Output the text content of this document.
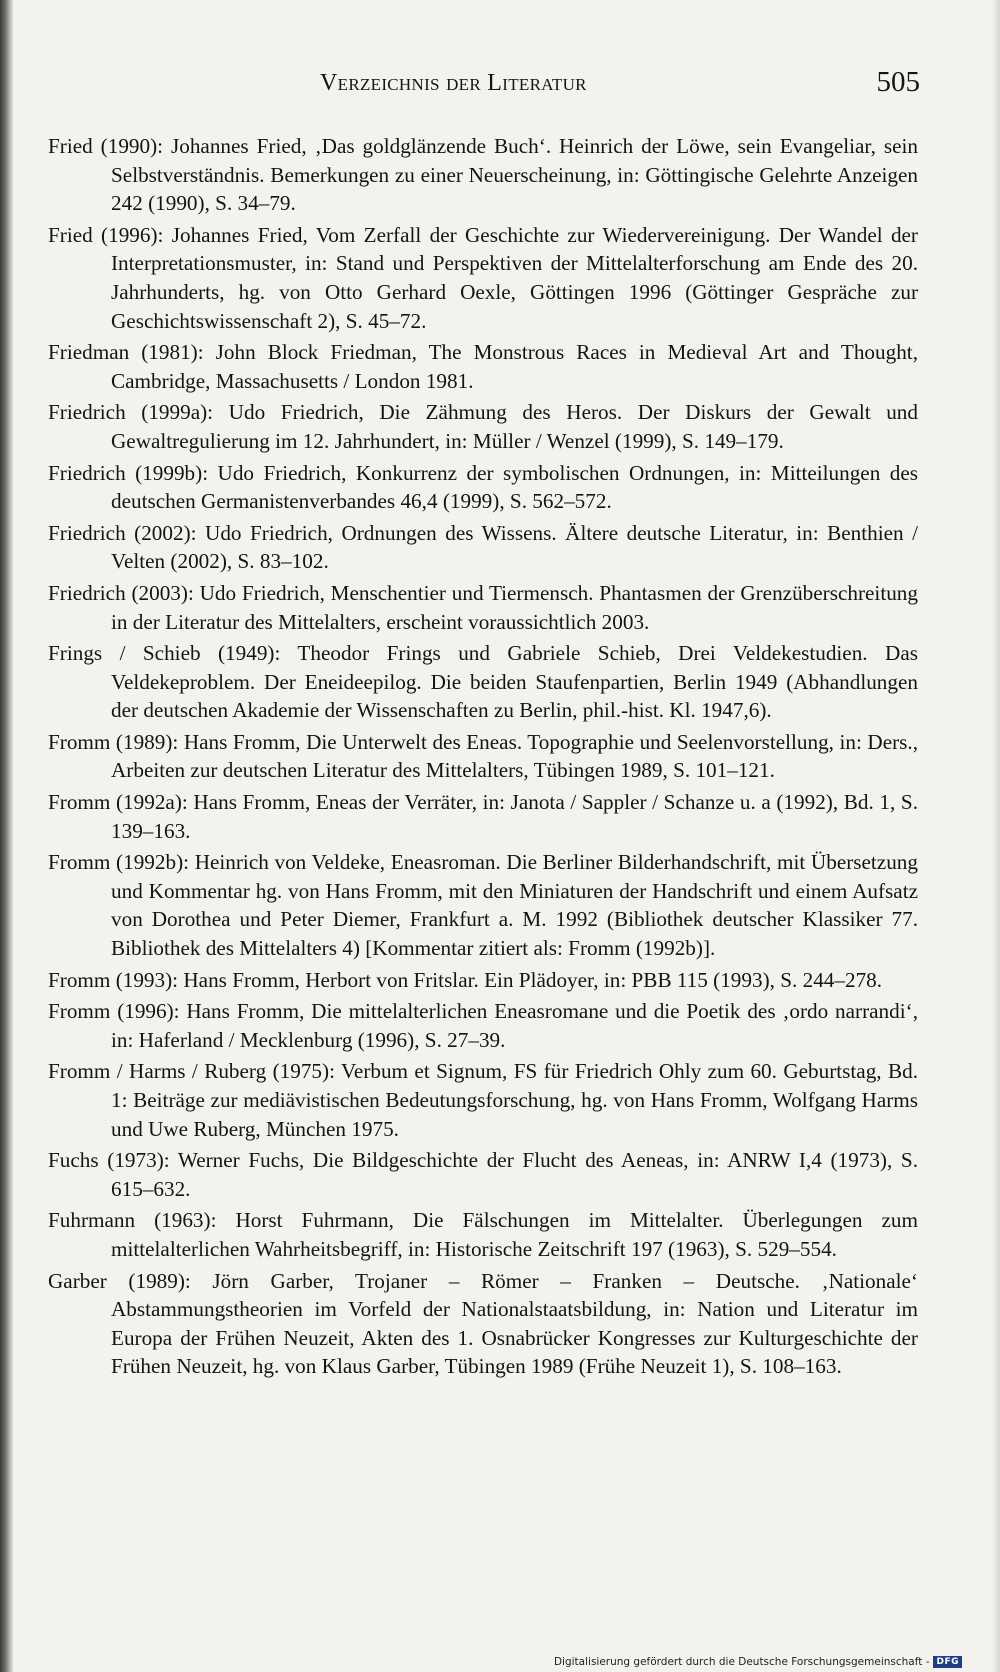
Verzeichnis der Literatur	505
Fried (1990): Johannes Fried, ‚Das goldglänzende Buch‘. Heinrich der Löwe, sein Evangeliar, sein Selbstverständnis. Bemerkungen zu einer Neuerscheinung, in: Göttingische Gelehrte Anzeigen 242 (1990), S. 34–79.
Fried (1996): Johannes Fried, Vom Zerfall der Geschichte zur Wiedervereinigung. Der Wandel der Interpretationsmuster, in: Stand und Perspektiven der Mittelalterforschung am Ende des 20. Jahrhunderts, hg. von Otto Gerhard Oexle, Göttingen 1996 (Göttinger Gespräche zur Geschichtswissenschaft 2), S. 45–72.
Friedman (1981): John Block Friedman, The Monstrous Races in Medieval Art and Thought, Cambridge, Massachusetts / London 1981.
Friedrich (1999a): Udo Friedrich, Die Zähmung des Heros. Der Diskurs der Gewalt und Gewaltregulierung im 12. Jahrhundert, in: Müller / Wenzel (1999), S. 149–179.
Friedrich (1999b): Udo Friedrich, Konkurrenz der symbolischen Ordnungen, in: Mitteilungen des deutschen Germanistenverbandes 46,4 (1999), S. 562–572.
Friedrich (2002): Udo Friedrich, Ordnungen des Wissens. Ältere deutsche Literatur, in: Benthien / Velten (2002), S. 83–102.
Friedrich (2003): Udo Friedrich, Menschentier und Tiermensch. Phantasmen der Grenzüberschreitung in der Literatur des Mittelalters, erscheint voraussichtlich 2003.
Frings / Schieb (1949): Theodor Frings und Gabriele Schieb, Drei Veldekestudien. Das Veldekeproblem. Der Eneideepilog. Die beiden Staufenpartien, Berlin 1949 (Abhandlungen der deutschen Akademie der Wissenschaften zu Berlin, phil.-hist. Kl. 1947,6).
Fromm (1989): Hans Fromm, Die Unterwelt des Eneas. Topographie und Seelenvorstellung, in: Ders., Arbeiten zur deutschen Literatur des Mittelalters, Tübingen 1989, S. 101–121.
Fromm (1992a): Hans Fromm, Eneas der Verräter, in: Janota / Sappler / Schanze u. a (1992), Bd. 1, S. 139–163.
Fromm (1992b): Heinrich von Veldeke, Eneasroman. Die Berliner Bilderhandschrift, mit Übersetzung und Kommentar hg. von Hans Fromm, mit den Miniaturen der Handschrift und einem Aufsatz von Dorothea und Peter Diemer, Frankfurt a. M. 1992 (Bibliothek deutscher Klassiker 77. Bibliothek des Mittelalters 4) [Kommentar zitiert als: Fromm (1992b)].
Fromm (1993): Hans Fromm, Herbort von Fritslar. Ein Plädoyer, in: PBB 115 (1993), S. 244–278.
Fromm (1996): Hans Fromm, Die mittelalterlichen Eneasromane und die Poetik des ‚ordo narrandi‘, in: Haferland / Mecklenburg (1996), S. 27–39.
Fromm / Harms / Ruberg (1975): Verbum et Signum, FS für Friedrich Ohly zum 60. Geburtstag, Bd. 1: Beiträge zur mediävistischen Bedeutungsforschung, hg. von Hans Fromm, Wolfgang Harms und Uwe Ruberg, München 1975.
Fuchs (1973): Werner Fuchs, Die Bildgeschichte der Flucht des Aeneas, in: ANRW I,4 (1973), S. 615–632.
Fuhrmann (1963): Horst Fuhrmann, Die Fälschungen im Mittelalter. Überlegungen zum mittelalterlichen Wahrheitsbegriff, in: Historische Zeitschrift 197 (1963), S. 529–554.
Garber (1989): Jörn Garber, Trojaner – Römer – Franken – Deutsche. ‚Nationale‘ Abstammungstheorien im Vorfeld der Nationalstaatsbildung, in: Nation und Literatur im Europa der Frühen Neuzeit, Akten des 1. Osnabrücker Kongresses zur Kulturgeschichte der Frühen Neuzeit, hg. von Klaus Garber, Tübingen 1989 (Frühe Neuzeit 1), S. 108–163.
Digitalisierung gefördert durch die Deutsche Forschungsgemeinschaft - DFG
